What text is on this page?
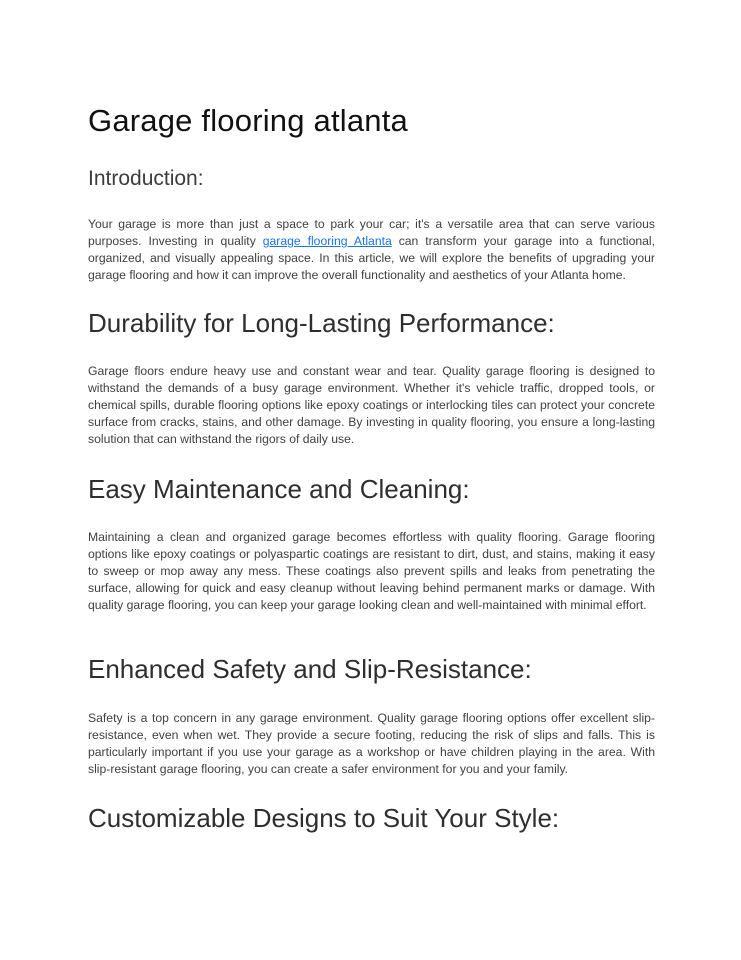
Garage flooring atlanta
Introduction:

Your garage is more than just a space to park your car; it's a versatile area that can serve various purposes. Investing in quality garage flooring Atlanta can transform your garage into a functional, organized, and visually appealing space. In this article, we will explore the benefits of upgrading your garage flooring and how it can improve the overall functionality and aesthetics of your Atlanta home.

Durability for Long-Lasting Performance:

Garage floors endure heavy use and constant wear and tear. Quality garage flooring is designed to withstand the demands of a busy garage environment. Whether it's vehicle traffic, dropped tools, or chemical spills, durable flooring options like epoxy coatings or interlocking tiles can protect your concrete surface from cracks, stains, and other damage. By investing in quality flooring, you ensure a long-lasting solution that can withstand the rigors of daily use.

Easy Maintenance and Cleaning:

Maintaining a clean and organized garage becomes effortless with quality flooring. Garage flooring options like epoxy coatings or polyaspartic coatings are resistant to dirt, dust, and stains, making it easy to sweep or mop away any mess. These coatings also prevent spills and leaks from penetrating the surface, allowing for quick and easy cleanup without leaving behind permanent marks or damage. With quality garage flooring, you can keep your garage looking clean and well-maintained with minimal effort.

Enhanced Safety and Slip-Resistance:

Safety is a top concern in any garage environment. Quality garage flooring options offer excellent slip-resistance, even when wet. They provide a secure footing, reducing the risk of slips and falls. This is particularly important if you use your garage as a workshop or have children playing in the area. With slip-resistant garage flooring, you can create a safer environment for you and your family.

Customizable Designs to Suit Your Style:
